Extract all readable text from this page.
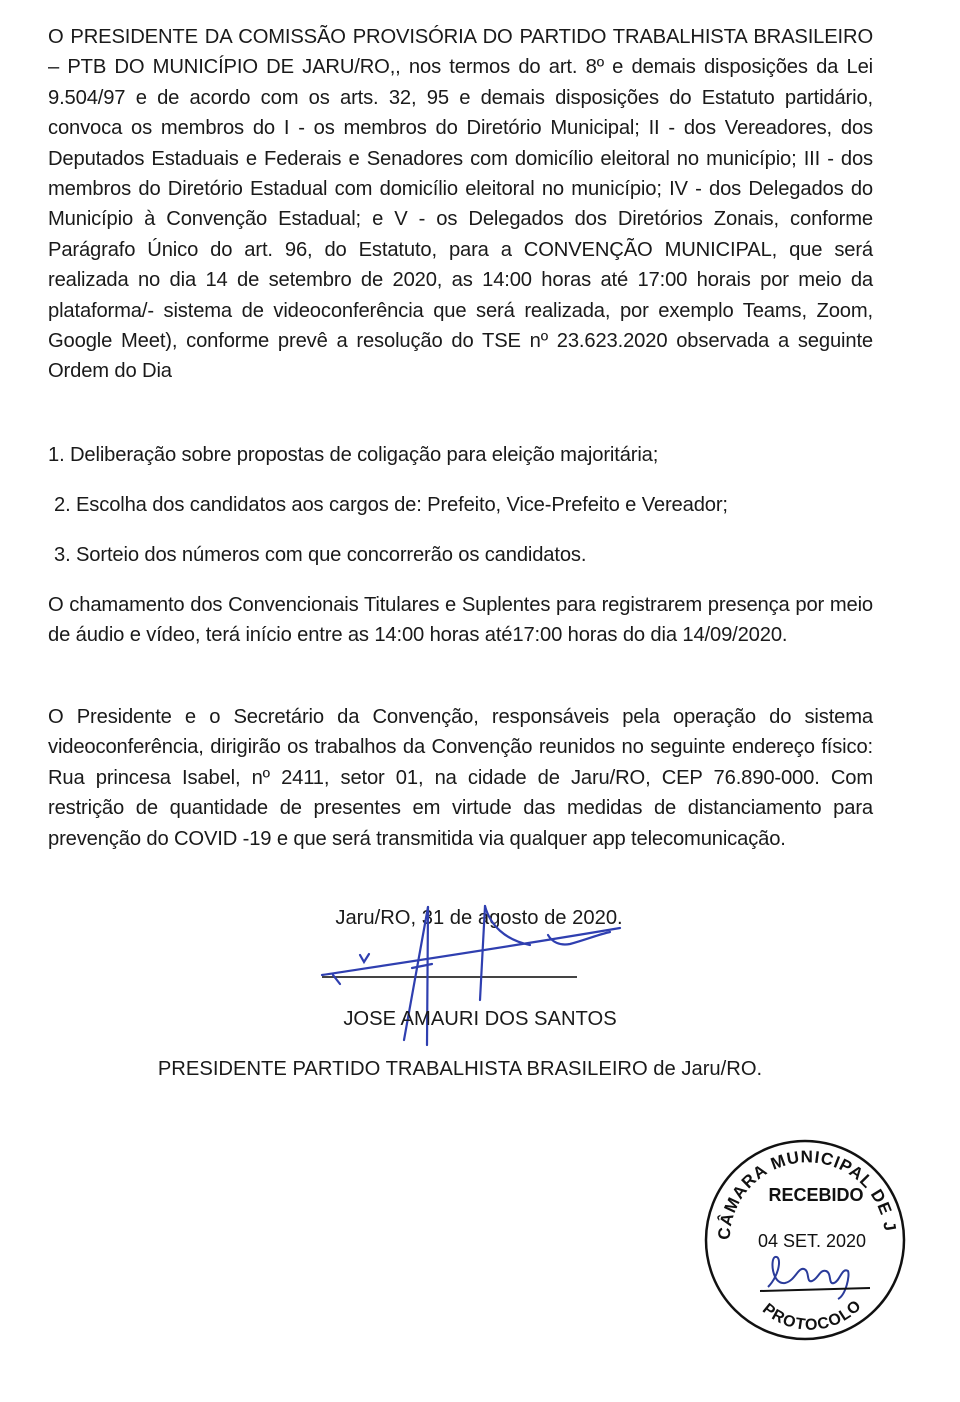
O PRESIDENTE DA COMISSÃO PROVISÓRIA DO PARTIDO TRABALHISTA BRASILEIRO – PTB DO MUNICÍPIO DE JARU/RO,, nos termos do art. 8º e demais disposições da Lei 9.504/97 e de acordo com os arts. 32, 95 e demais disposições do Estatuto partidário, convoca os membros do I - os membros do Diretório Municipal; II - dos Vereadores, dos Deputados Estaduais e Federais e Senadores com domicílio eleitoral no município; III - dos membros do Diretório Estadual com domicílio eleitoral no município; IV - dos Delegados do Município à Convenção Estadual; e V - os Delegados dos Diretórios Zonais, conforme Parágrafo Único do art. 96, do Estatuto, para a CONVENÇÃO MUNICIPAL, que será realizada no dia 14 de setembro de 2020, as 14:00 horas até 17:00 horais por meio da plataforma/- sistema de videoconferência que será realizada, por exemplo Teams, Zoom, Google Meet), conforme prevê a resolução do TSE nº 23.623.2020 observada a seguinte Ordem do Dia
1. Deliberação sobre propostas de coligação para eleição majoritária;
2. Escolha dos candidatos aos cargos de: Prefeito, Vice-Prefeito e Vereador;
3. Sorteio dos números com que concorrerão os candidatos.
O chamamento dos Convencionais Titulares e Suplentes para registrarem presença por meio de áudio e vídeo, terá início entre as 14:00 horas até17:00 horas do dia 14/09/2020.
O Presidente e o Secretário da Convenção, responsáveis pela operação do sistema videoconferência, dirigirão os trabalhos da Convenção reunidos no seguinte endereço físico: Rua princesa Isabel, nº 2411, setor 01, na cidade de Jaru/RO, CEP 76.890-000. Com restrição de quantidade de presentes em virtude das medidas de distanciamento para prevenção do COVID -19 e que será transmitida via qualquer app telecomunicação.
Jaru/RO, 31 de agosto de 2020.
JOSE AMAURI DOS SANTOS
PRESIDENTE PARTIDO TRABALHISTA BRASILEIRO de Jaru/RO.
CÂMARA MUNICIPAL DE J
PROTOCOLO
RECEBIDO
04 SET. 2020
